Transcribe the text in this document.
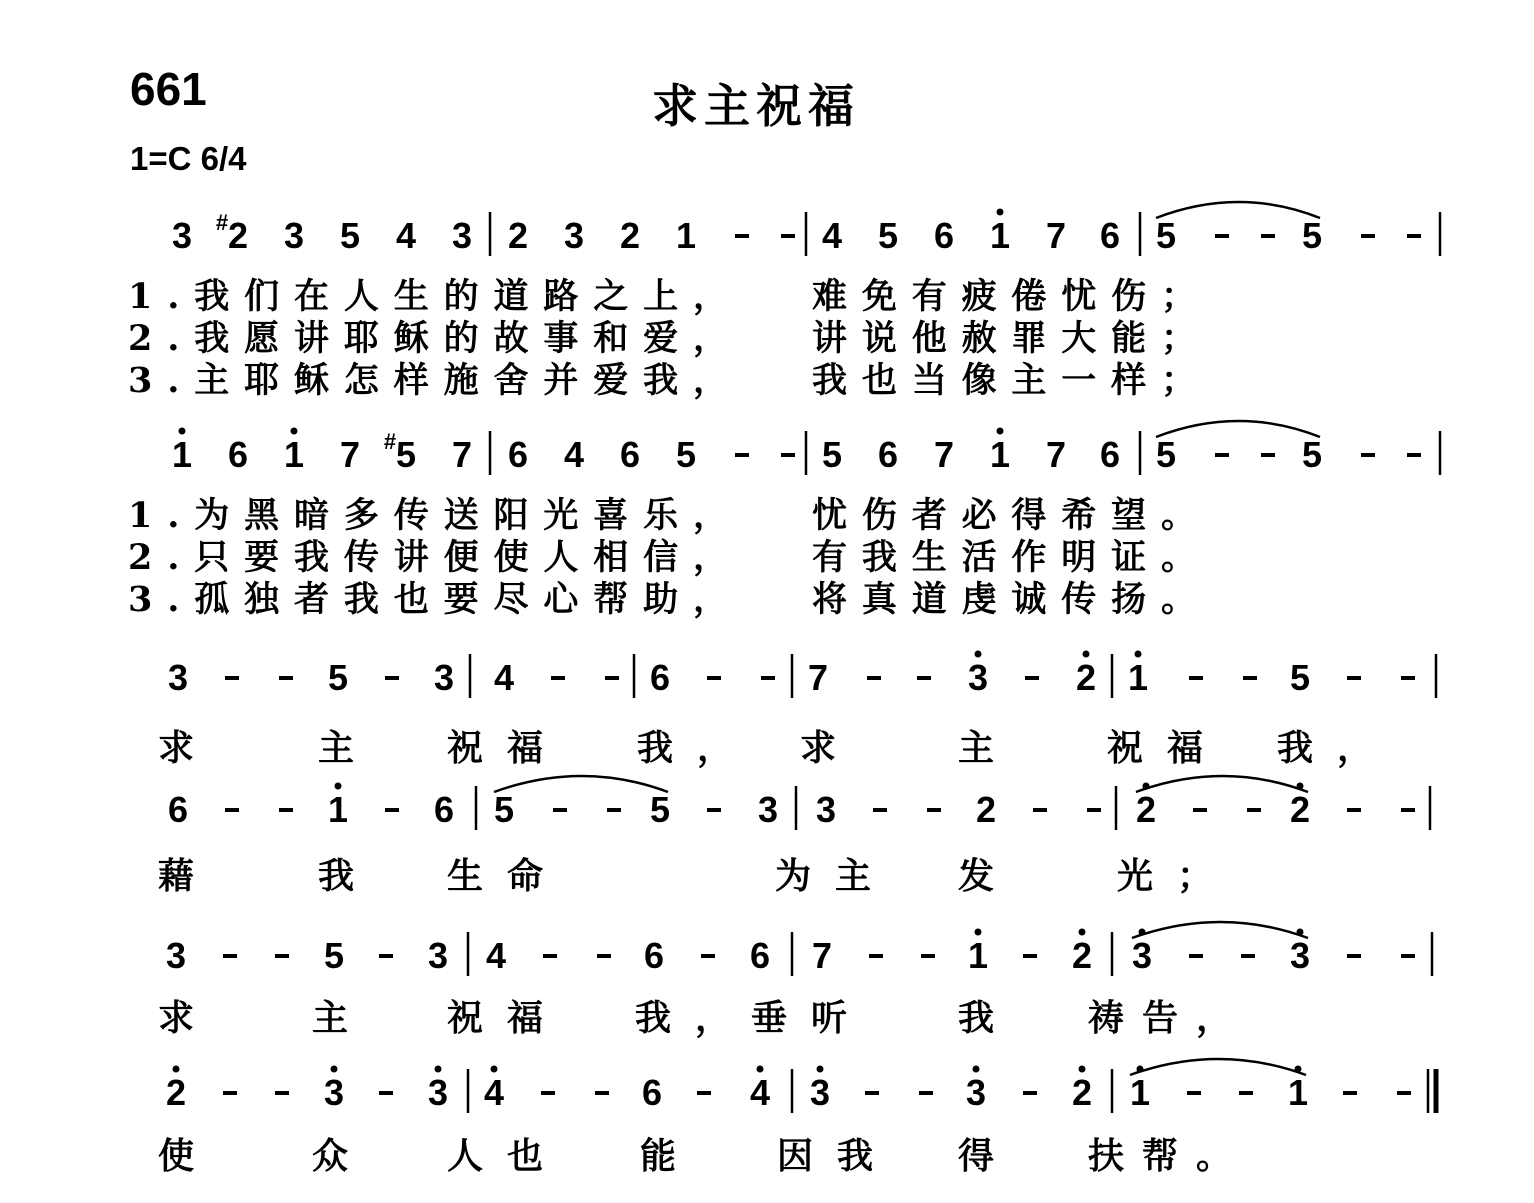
661	求主祝福
1=C 6/4
3 2
# 3 5 4 3 2 3 2 1	4 5 6 1 7 6 5	5
1.我们在人生的道路之上， 难免有疲倦忧伤；
2.我愿讲耶稣的故事和爱， 讲说他赦罪大能；
3.主耶稣怎样施舍并爱我， 我也当像主一样；
1 6 1 7 5
# 7 6 4 6 5	5 6 7 1 7 6 5	5
1.为黑暗多传送阳光喜乐， 忧伤者必得希望。
2.只要我传讲便使人相信， 有我生活作明证。
3.孤独者我也要尽心帮助， 将真道虔诚传扬。
3	5 3 4	6	7	3 2 1	5
求	主	祝福	我， 求	主	祝福 我，
6	1 6 5	5 3 3	2	2	2
藉	我	生命	为主 发	光；
3	5 3 4	6 6 7	1 2 3	3
求	主	祝福	我， 垂听	我	祷告，
2	3 3 4	6 4 3	3 2 1	1
使	众	人也	能	因我 得	扶帮。
